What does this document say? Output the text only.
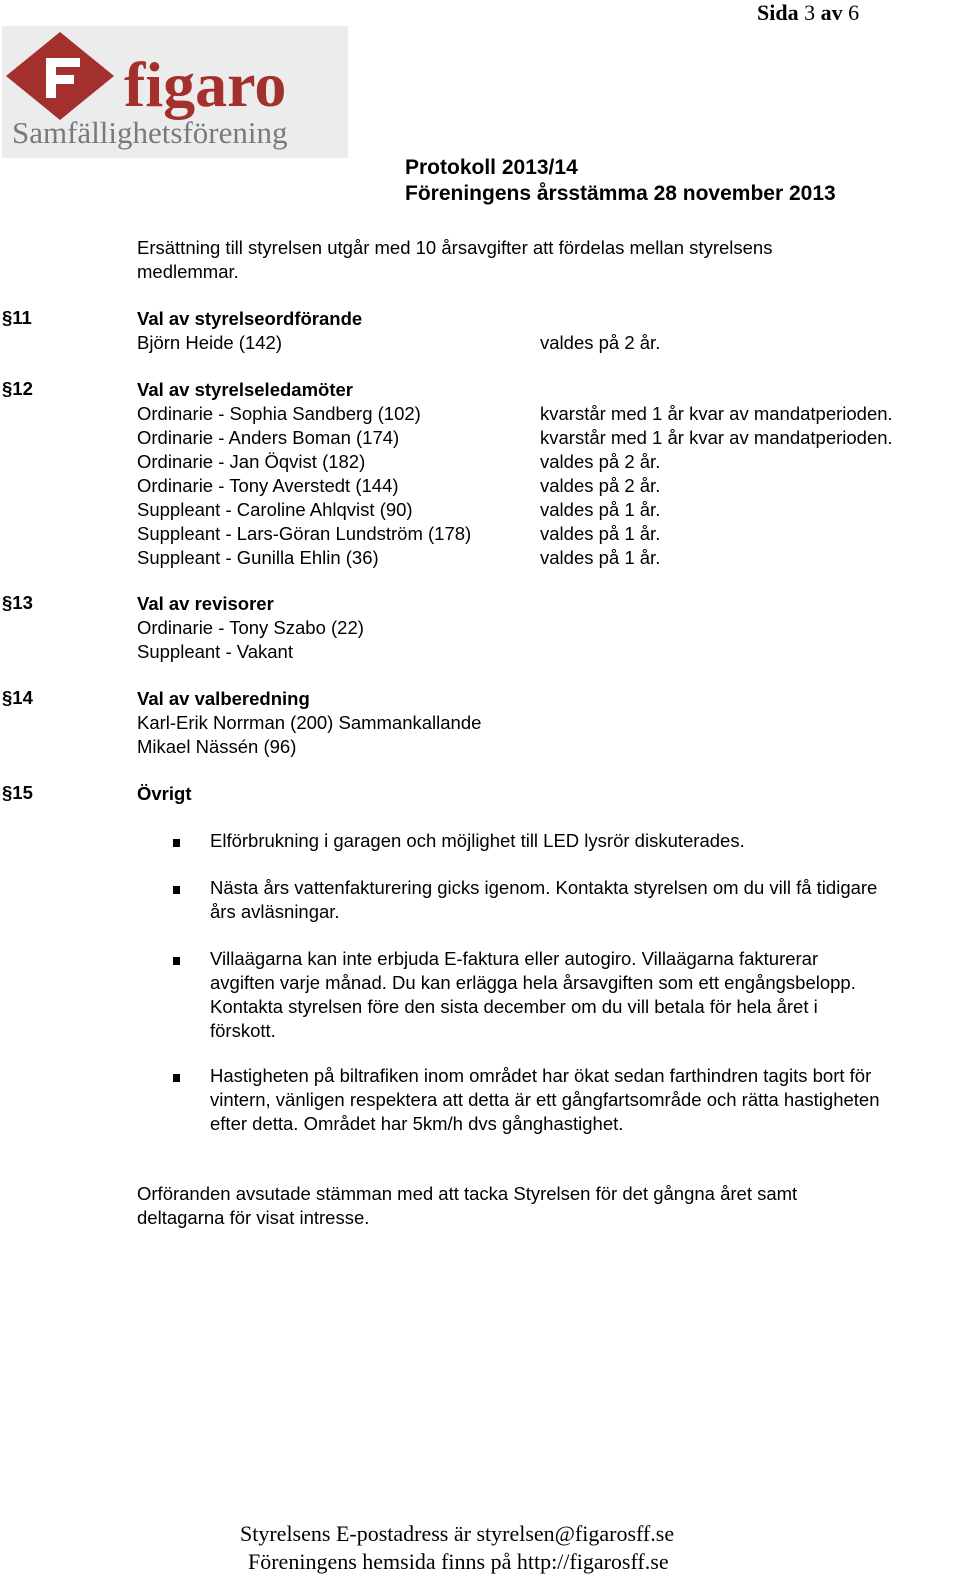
Sida 3 av 6
figaro
Samfällighetsförening
Protokoll 2013/14
Föreningens årsstämma 28 november 2013
Ersättning till styrelsen utgår med 10 årsavgifter att fördelas mellan styrelsens
medlemmar.
§11	Val av styrelseordförande
Björn Heide (142)	valdes på 2 år.
§12	Val av styrelseledamöter
Ordinarie - Sophia Sandberg (102)	kvarstår med 1 år kvar av mandatperioden.
Ordinarie - Anders Boman (174)	kvarstår med 1 år kvar av mandatperioden.
Ordinarie - Jan Öqvist (182)	valdes på 2 år.
Ordinarie - Tony Averstedt (144)	valdes på 2 år.
Suppleant - Caroline Ahlqvist (90)	valdes på 1 år.
Suppleant - Lars-Göran Lundström (178)	valdes på 1 år.
Suppleant - Gunilla Ehlin (36)	valdes på 1 år.
§13	Val av revisorer
Ordinarie - Tony Szabo (22)
Suppleant - Vakant
§14	Val av valberedning
Karl-Erik Norrman (200) Sammankallande
Mikael Nässén (96)
§15	Övrigt
Elförbrukning i garagen och möjlighet till LED lysrör diskuterades.
Nästa års vattenfakturering gicks igenom. Kontakta styrelsen om du vill få tidigare
års avläsningar.
Villaägarna kan inte erbjuda E-faktura eller autogiro. Villaägarna fakturerar
avgiften varje månad. Du kan erlägga hela årsavgiften som ett engångsbelopp.
Kontakta styrelsen före den sista december om du vill betala för hela året i
förskott.
Hastigheten på biltrafiken inom området har ökat sedan farthindren tagits bort för
vintern, vänligen respektera att detta är ett gångfartsområde och rätta hastigheten
efter detta. Området har 5km/h dvs gånghastighet.
Orföranden avsutade stämman med att tacka Styrelsen för det gångna året samt
deltagarna för visat intresse.
Styrelsens E-postadress är styrelsen@figarosff.se
Föreningens hemsida finns på http://figarosff.se
